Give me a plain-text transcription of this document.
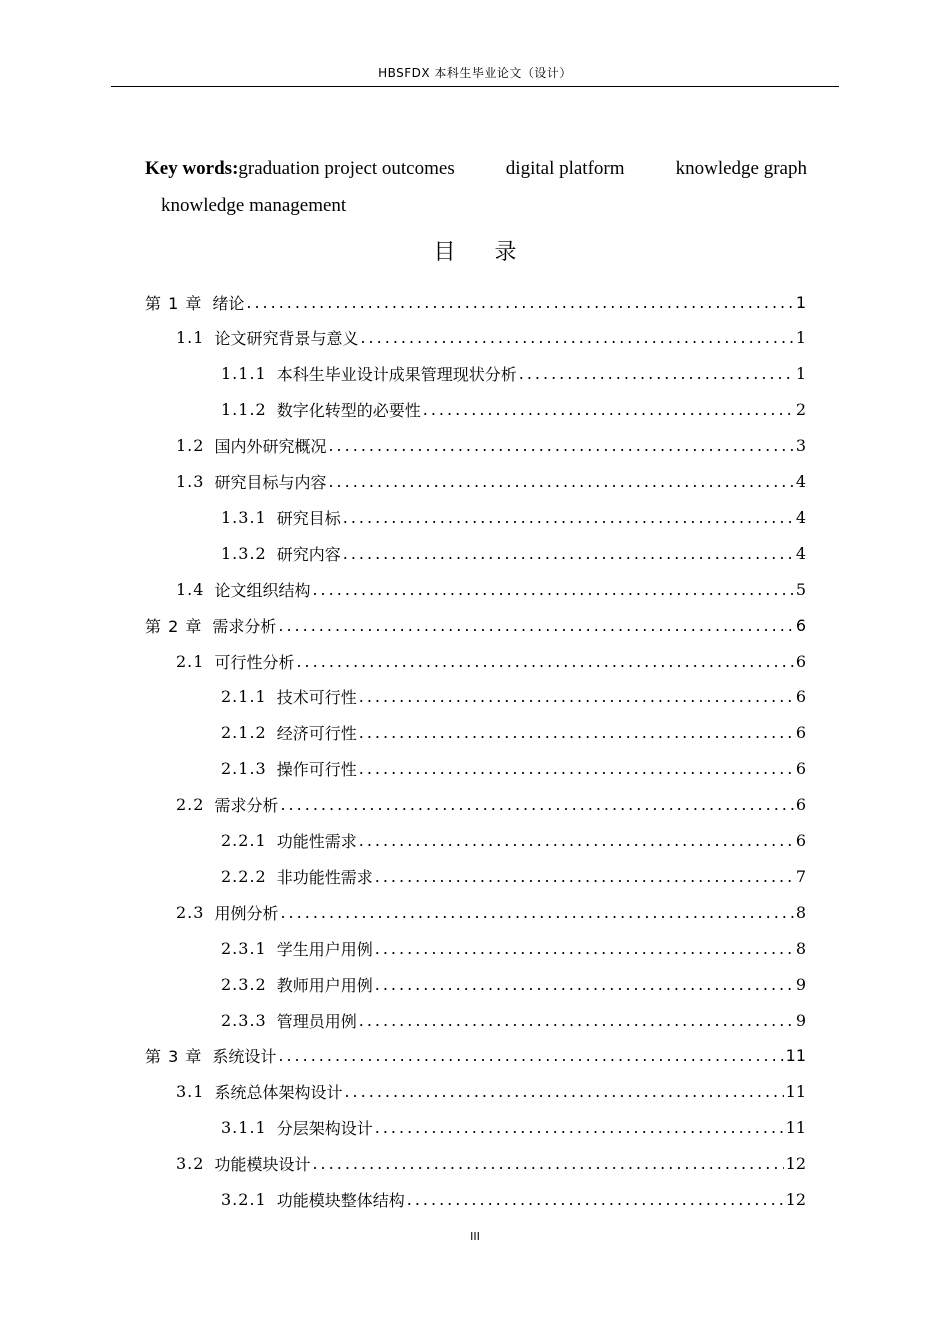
HBSFDX 本科生毕业论文（设计）
Key words:graduation project outcomes	digital platform	knowledge graph
knowledge management
目 录
第 1 章 绪论 .....	1
1.1 论文研究背景与意义 .....	1
1.1.1 本科生毕业设计成果管理现状分析 .....	1
1.1.2 数字化转型的必要性 .....	2
1.2 国内外研究概况 .....	3
1.3 研究目标与内容 .....	4
1.3.1 研究目标 .....	4
1.3.2 研究内容 .....	4
1.4 论文组织结构 .....	5
第 2 章 需求分析 .....	6
2.1 可行性分析 .....	6
2.1.1 技术可行性 .....	6
2.1.2 经济可行性 .....	6
2.1.3 操作可行性 .....	6
2.2 需求分析 .....	6
2.2.1 功能性需求 .....	6
2.2.2 非功能性需求 .....	7
2.3 用例分析 .....	8
2.3.1 学生用户用例 .....	8
2.3.2 教师用户用例 .....	9
2.3.3 管理员用例 .....	9
第 3 章 系统设计 .....	11
3.1 系统总体架构设计 .....	11
3.1.1 分层架构设计 .....	11
3.2 功能模块设计 .....	12
3.2.1 功能模块整体结构 .....	12
III
